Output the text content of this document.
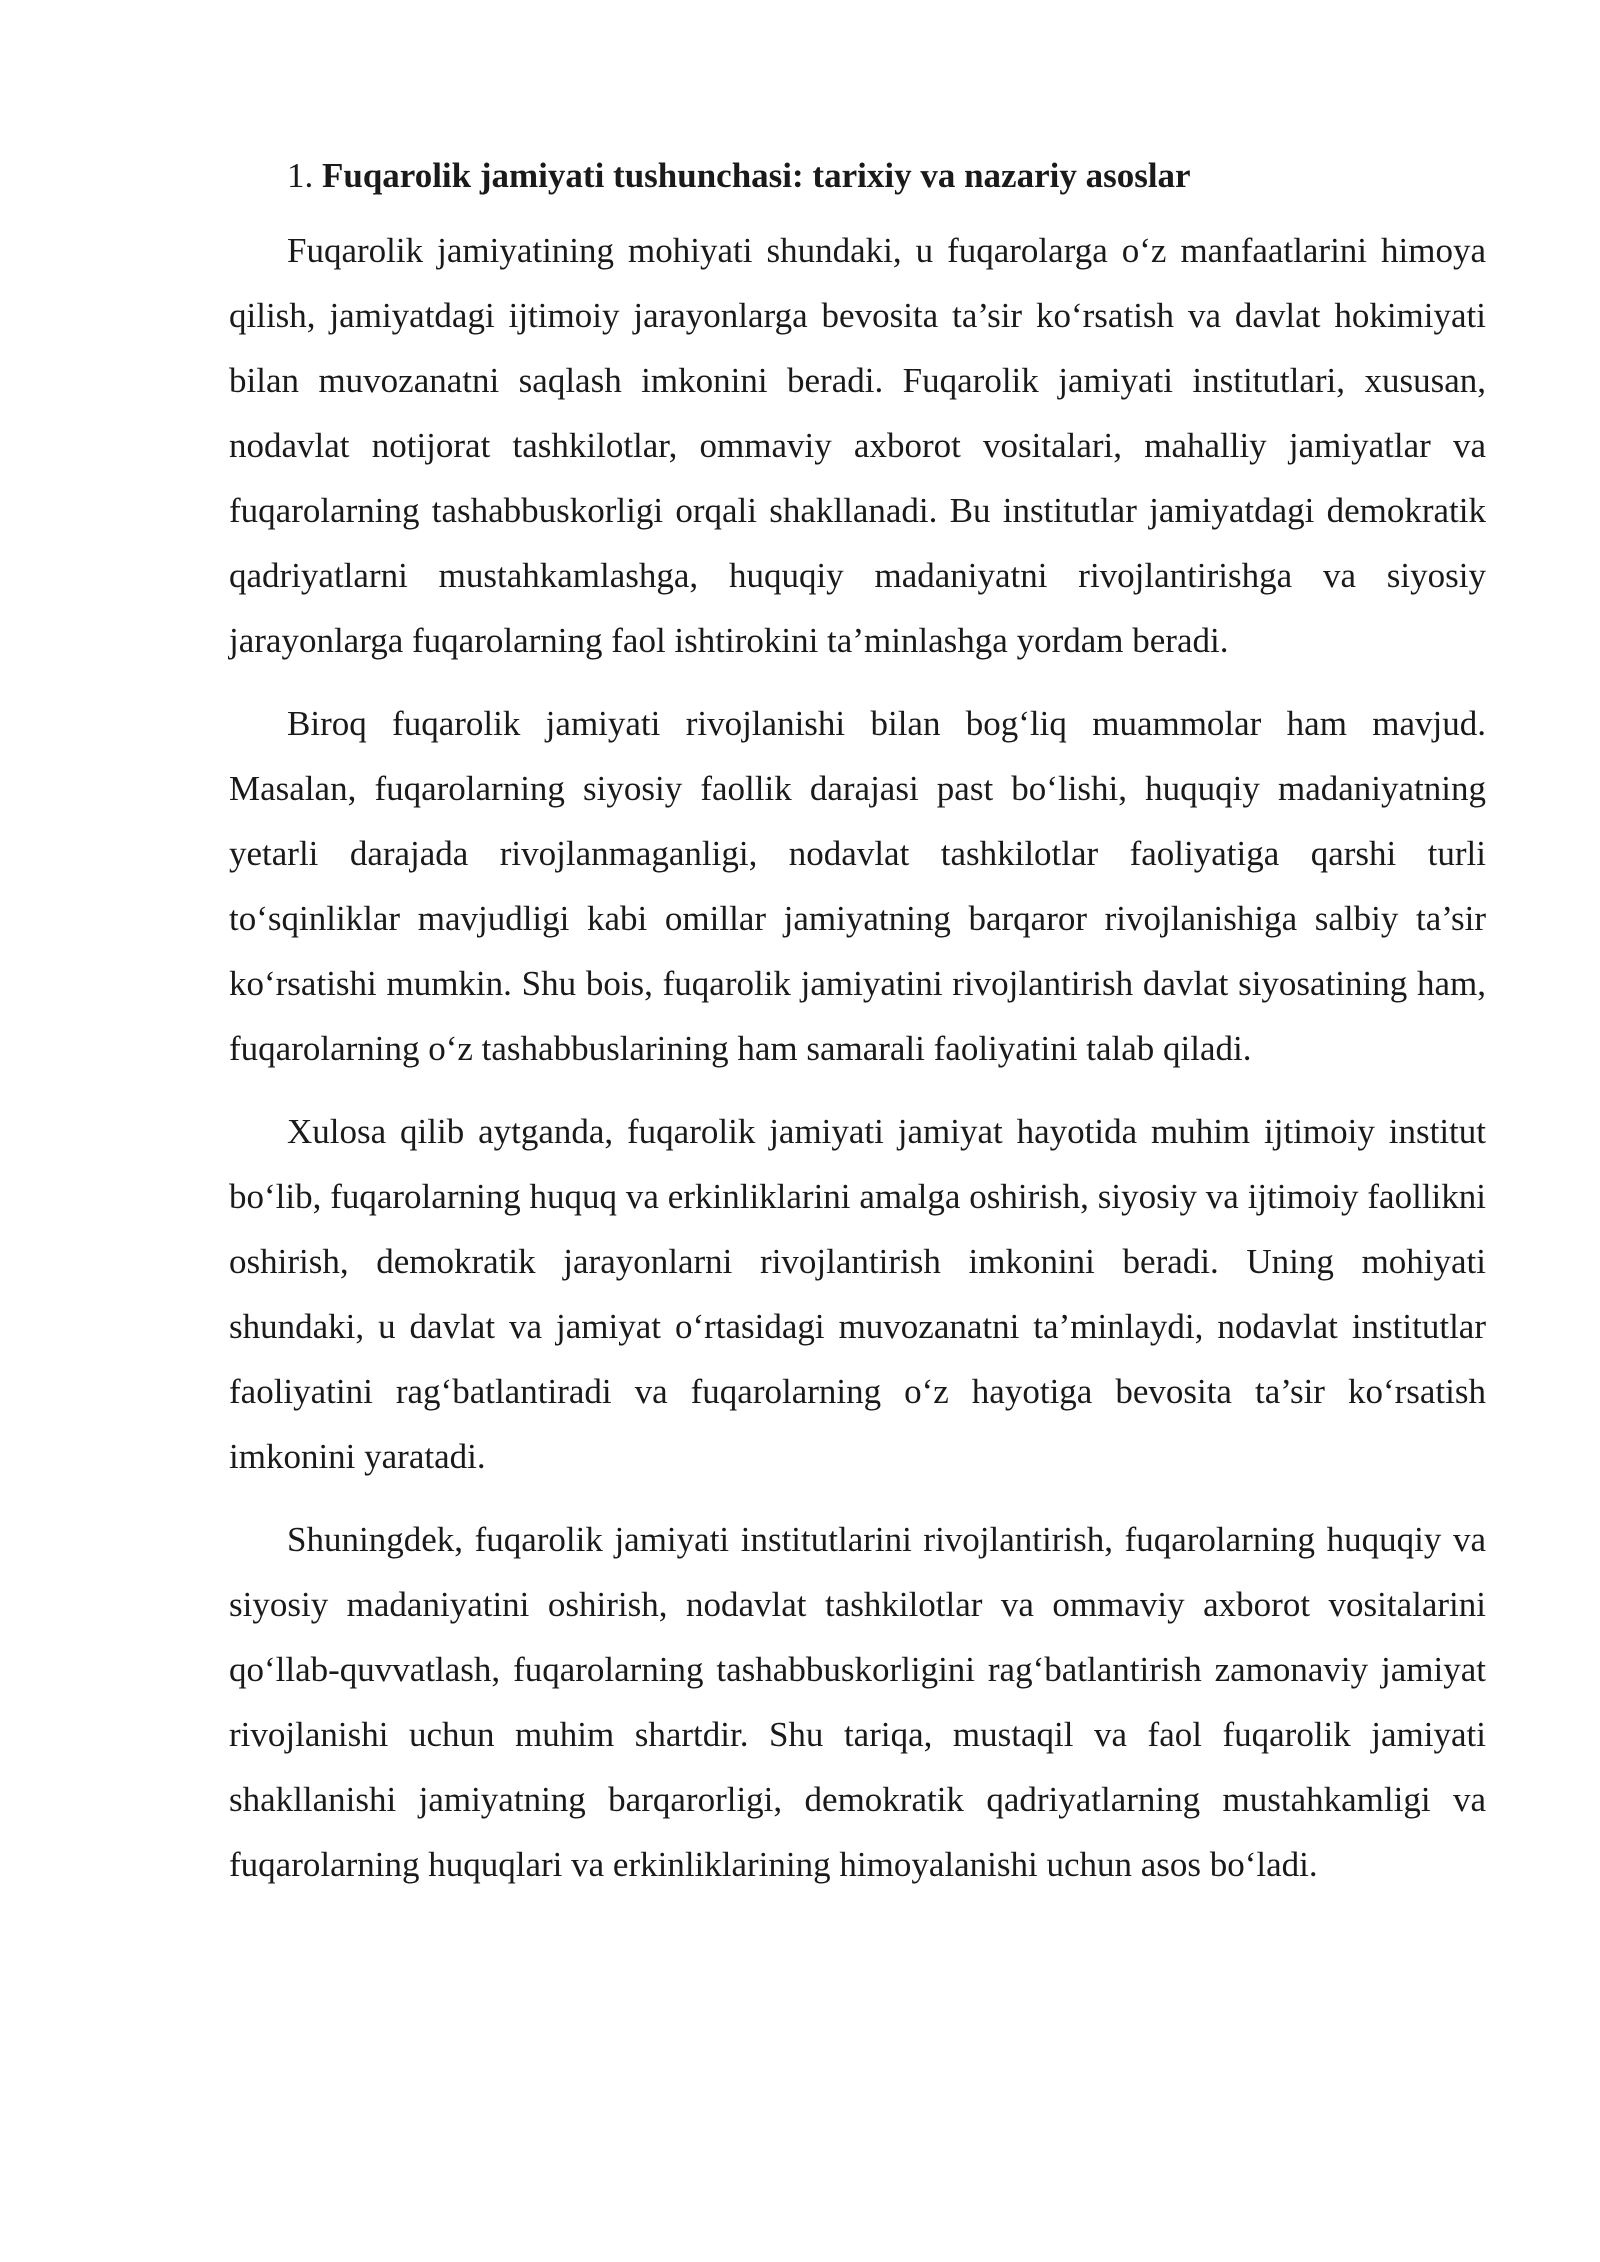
1. Fuqarolik jamiyati tushunchasi: tarixiy va nazariy asoslar

Fuqarolik jamiyatining mohiyati shundaki, u fuqarolarga o‘z manfaatlarini himoya qilish, jamiyatdagi ijtimoiy jarayonlarga bevosita ta’sir ko‘rsatish va davlat hokimiyati bilan muvozanatni saqlash imkonini beradi. Fuqarolik jamiyati institutlari, xususan, nodavlat notijorat tashkilotlar, ommaviy axborot vositalari, mahalliy jamiyatlar va fuqarolarning tashabbuskorligi orqali shakllanadi. Bu institutlar jamiyatdagi demokratik qadriyatlarni mustahkamlashga, huquqiy madaniyatni rivojlantirishga va siyosiy jarayonlarga fuqarolarning faol ishtirokini ta’minlashga yordam beradi.

Biroq fuqarolik jamiyati rivojlanishi bilan bog‘liq muammolar ham mavjud. Masalan, fuqarolarning siyosiy faollik darajasi past bo‘lishi, huquqiy madaniyatning yetarli darajada rivojlanmaganligi, nodavlat tashkilotlar faoliyatiga qarshi turli to‘sqinliklar mavjudligi kabi omillar jamiyatning barqaror rivojlanishiga salbiy ta’sir ko‘rsatishi mumkin. Shu bois, fuqarolik jamiyatini rivojlantirish davlat siyosatining ham, fuqarolarning o‘z tashabbuslarining ham samarali faoliyatini talab qiladi.

Xulosa qilib aytganda, fuqarolik jamiyati jamiyat hayotida muhim ijtimoiy institut bo‘lib, fuqarolarning huquq va erkinliklarini amalga oshirish, siyosiy va ijtimoiy faollikni oshirish, demokratik jarayonlarni rivojlantirish imkonini beradi. Uning mohiyati shundaki, u davlat va jamiyat o‘rtasidagi muvozanatni ta’minlaydi, nodavlat institutlar faoliyatini rag‘batlantiradi va fuqarolarning o‘z hayotiga bevosita ta’sir ko‘rsatish imkonini yaratadi.

Shuningdek, fuqarolik jamiyati institutlarini rivojlantirish, fuqarolarning huquqiy va siyosiy madaniyatini oshirish, nodavlat tashkilotlar va ommaviy axborot vositalarini qo‘llab-quvvatlash, fuqarolarning tashabbuskorligini rag‘batlantirish zamonaviy jamiyat rivojlanishi uchun muhim shartdir. Shu tariqa, mustaqil va faol fuqarolik jamiyati shakllanishi jamiyatning barqarorligi, demokratik qadriyatlarning mustahkamligi va fuqarolarning huquqlari va erkinliklarining himoyalanishi uchun asos bo‘ladi.
